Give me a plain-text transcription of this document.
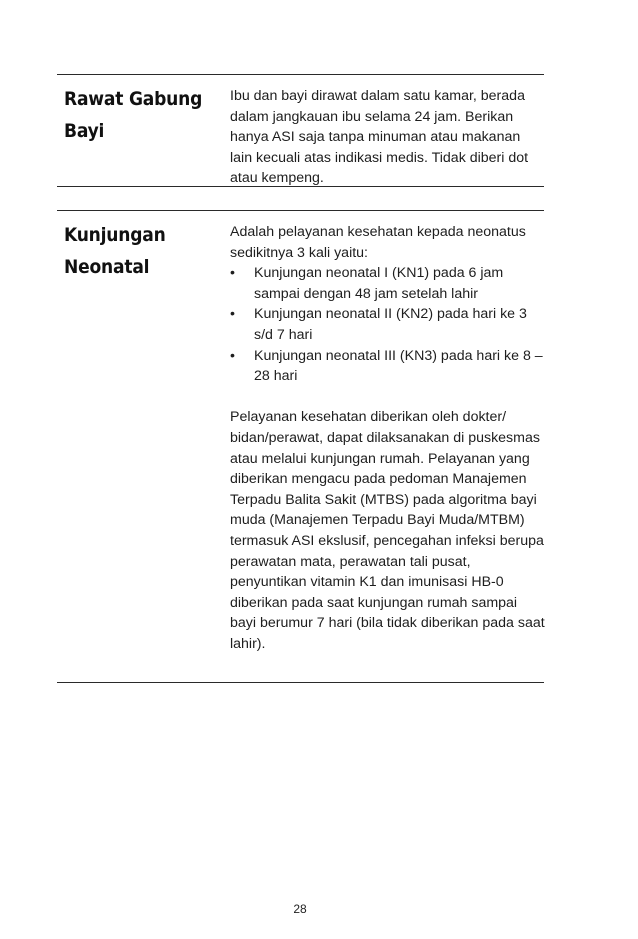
Rawat Gabung Bayi

Ibu dan bayi dirawat dalam satu kamar, berada dalam jangkauan ibu selama 24 jam. Berikan hanya ASI saja tanpa minuman atau makanan lain kecuali atas indikasi medis. Tidak diberi dot atau kempeng.

Kunjungan Neonatal

Adalah pelayanan kesehatan kepada neonatus sedikitnya 3 kali yaitu:

• Kunjungan neonatal I (KN1) pada 6 jam sampai dengan 48 jam setelah lahir
• Kunjungan neonatal II (KN2) pada hari ke 3 s/d 7 hari
• Kunjungan neonatal III (KN3) pada hari ke 8 – 28 hari

Pelayanan kesehatan diberikan oleh dokter/ bidan/perawat, dapat dilaksanakan di puskesmas atau melalui kunjungan rumah. Pelayanan yang diberikan mengacu pada pedoman Manajemen Terpadu Balita Sakit (MTBS) pada algoritma bayi muda (Manajemen Terpadu Bayi Muda/MTBM) termasuk ASI ekslusif, pencegahan infeksi berupa perawatan mata, perawatan tali pusat, penyuntikan vitamin K1 dan imunisasi HB-0 diberikan pada saat kunjungan rumah sampai bayi berumur 7 hari (bila tidak diberikan pada saat lahir).

28
